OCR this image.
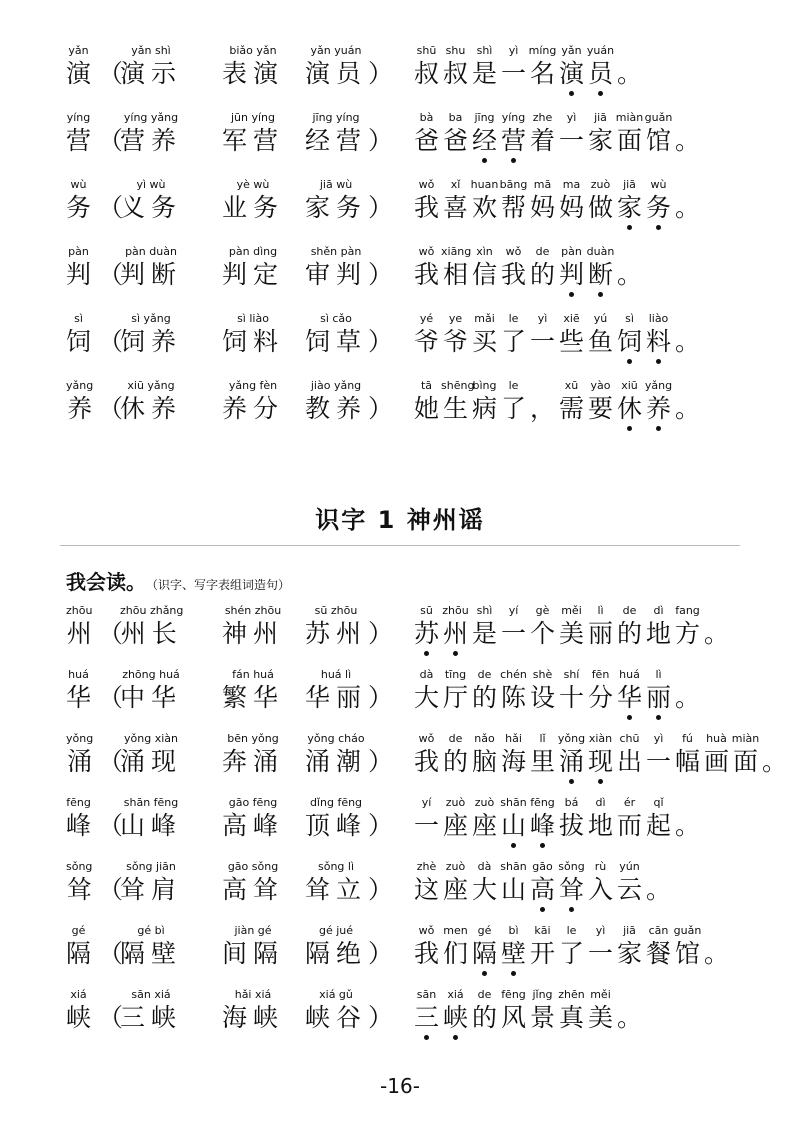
yǎn
演 （
yǎn shì
演示
biǎo yǎn
表演
yǎn yuán
演员 ）
shū
叔
shu
叔
shì
是
yì
一
míng
名
yǎn
演
yuán
员 。
yíng
营 （
yíng yǎng
营养
jūn yíng
军营
jīng yíng
经营 ）
bà
爸
ba
爸
jīng
经
yíng
营
zhe
着
yì
一
jiā
家
miàn
面
guǎn
馆 。
wù
务 （
yì wù
义务
yè wù
业务
jiā wù
家务 ）
wǒ
我
xǐ
喜
huan
欢
bāng
帮
mā
妈
ma
妈
zuò
做
jiā
家
wù
务 。
pàn
判 （
pàn duàn
判断
pàn dìng
判定
shěn pàn
审判 ）
wǒ
我
xiāng
相
xìn
信
wǒ
我
de
的
pàn
判
duàn
断 。
sì
饲 （
sì yǎng
饲养
sì liào
饲料
sì cǎo
饲草 ）
yé
爷
ye
爷
mǎi
买
le
了
yì
一
xiē
些
yú
鱼
sì
饲
liào
料 。
yǎng
养 （
xiū yǎng
休养
yǎng fèn
养分
jiào yǎng
教养 ）
tā
她
shēng
生
bìng
病
le
了 ，
xū
需
yào
要
xiū
休
yǎng
养 。
识字 1 神州谣
我会读。 （识字、写字表组词造句）
zhōu
州 （
zhōu zhǎng
州长
shén zhōu
神州
sū zhōu
苏州 ）
sū
苏
zhōu
州
shì
是
yí
一
gè
个
měi
美
lì
丽
de
的
dì
地
fang
方 。
huá
华 （
zhōng huá
中华
fán huá
繁华
huá lì
华丽 ）
dà
大
tīng
厅
de
的
chén
陈
shè
设
shí
十
fēn
分
huá
华
lì
丽 。
yǒng
涌 （
yǒng xiàn
涌现
bēn yǒng
奔涌
yǒng cháo
涌潮 ）
wǒ
我
de
的
nǎo
脑
hǎi
海
lǐ
里
yǒng
涌
xiàn
现
chū
出
yì
一
fú
幅
huà
画
miàn
面 。
fēng
峰 （
shān fēng
山峰
gāo fēng
高峰
dǐng fēng
顶峰 ）
yí
一
zuò
座
zuò
座
shān
山
fēng
峰
bá
拔
dì
地
ér
而
qǐ
起 。
sǒng
耸 （
sǒng jiān
耸肩
gāo sǒng
高耸
sǒng lì
耸立 ）
zhè
这
zuò
座
dà
大
shān
山
gāo
高
sǒng
耸
rù
入
yún
云 。
gé
隔 （
gé bì
隔壁
jiàn gé
间隔
gé jué
隔绝 ）
wǒ
我
men
们
gé
隔
bì
壁
kāi
开
le
了
yì
一
jiā
家
cān
餐
guǎn
馆 。
xiá
峡 （
sān xiá
三峡
hǎi xiá
海峡
xiá gǔ
峡谷 ）
sān
三
xiá
峡
de
的
fēng
风
jǐng
景
zhēn
真
měi
美 。
-16-
